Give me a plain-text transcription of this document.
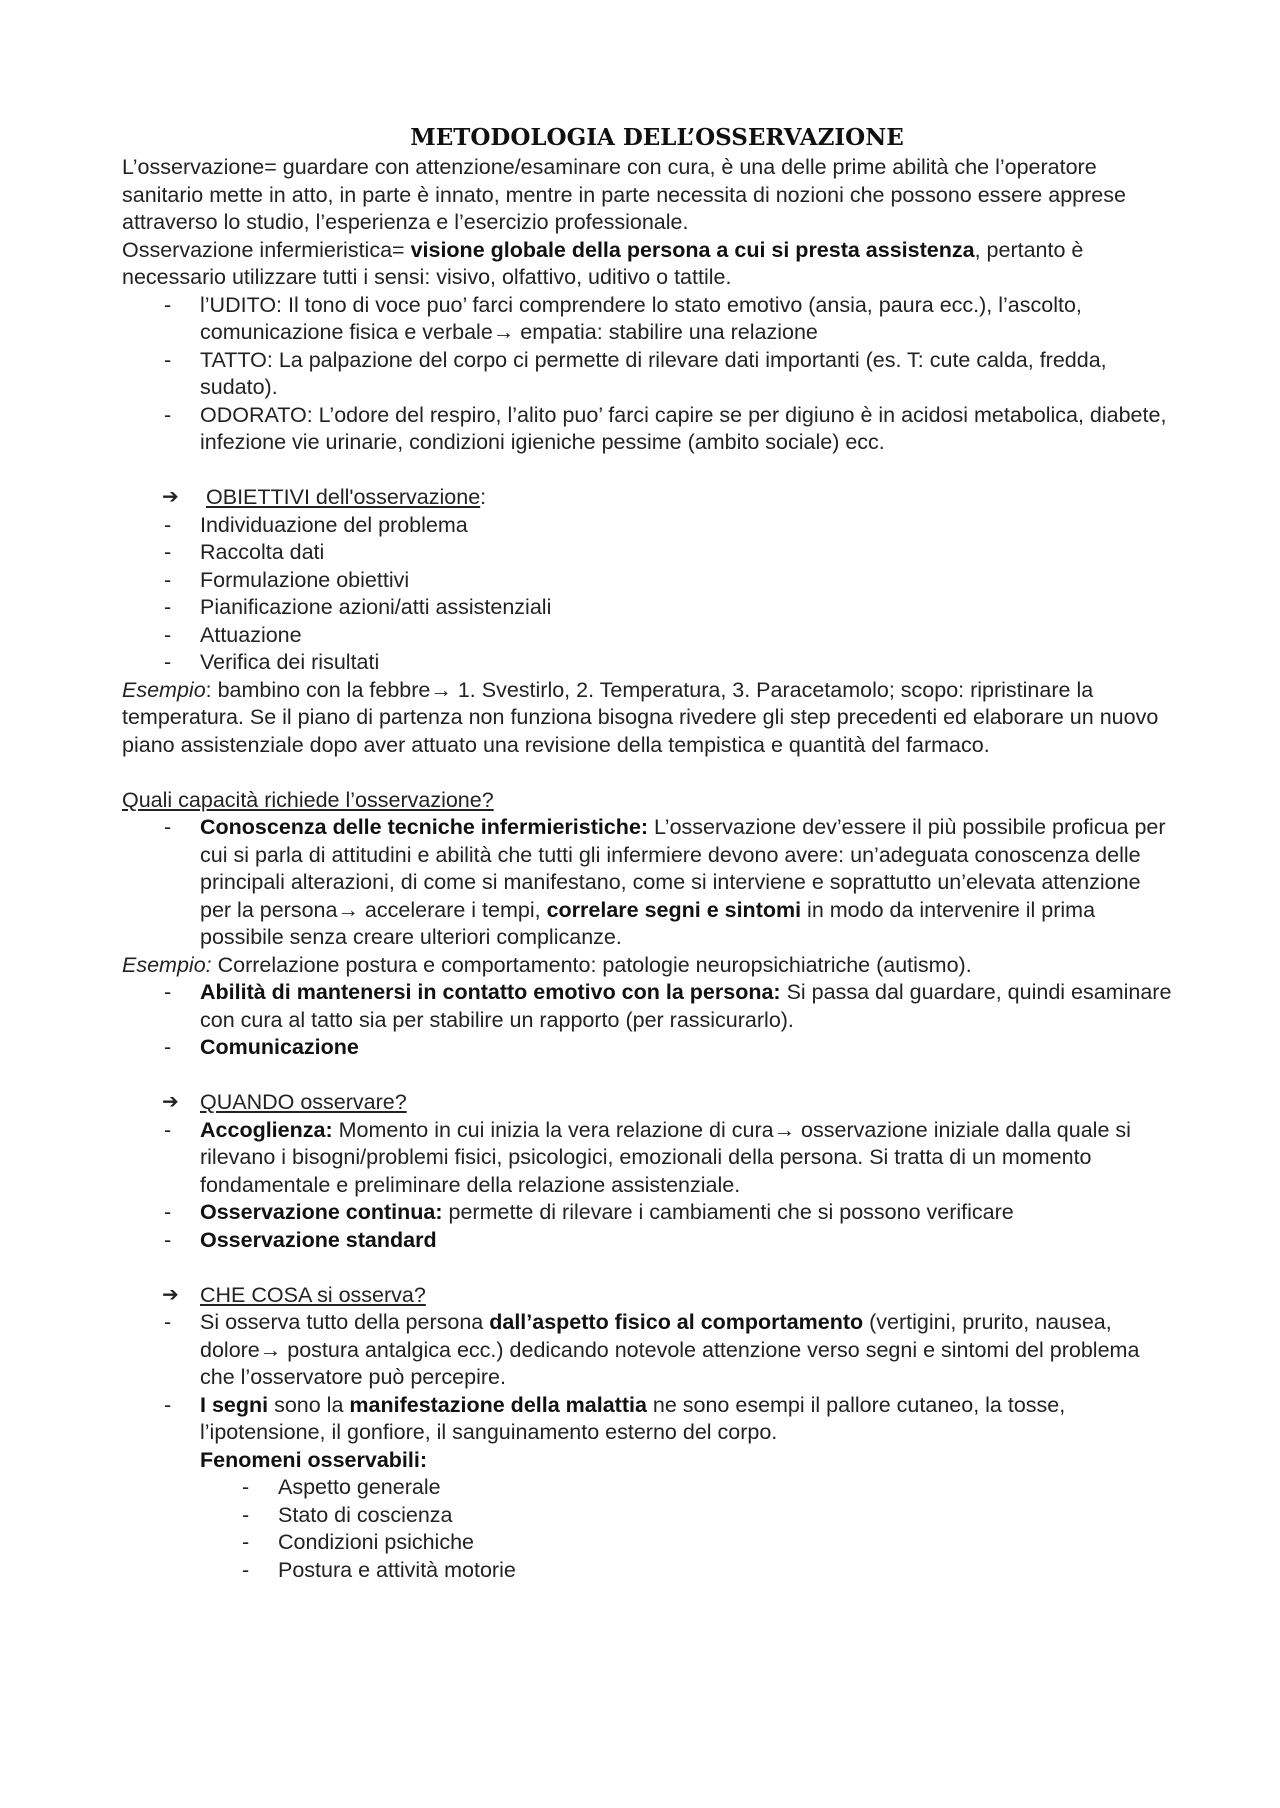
METODOLOGIA DELL’OSSERVAZIONE

L’osservazione= guardare con attenzione/esaminare con cura, è una delle prime abilità che l’operatore sanitario mette in atto, in parte è innato, mentre in parte necessita di nozioni che possono essere apprese attraverso lo studio, l’esperienza e l’esercizio professionale.

Osservazione infermieristica= visione globale della persona a cui si presta assistenza, pertanto è necessario utilizzare tutti i sensi: visivo, olfattivo, uditivo o tattile.

- l’UDITO: Il tono di voce puo’ farci comprendere lo stato emotivo (ansia, paura ecc.), l’ascolto, comunicazione fisica e verbale→ empatia: stabilire una relazione
- TATTO: La palpazione del corpo ci permette di rilevare dati importanti (es. T: cute calda, fredda, sudato).
- ODORATO: L’odore del respiro, l’alito puo’ farci capire se per digiuno è in acidosi metabolica, diabete, infezione vie urinarie, condizioni igieniche pessime (ambito sociale) ecc.
➔ OBIETTIVI dell'osservazione:
- Individuazione del problema
- Raccolta dati
- Formulazione obiettivi
- Pianificazione azioni/atti assistenziali
- Attuazione
- Verifica dei risultati

Esempio: bambino con la febbre→ 1. Svestirlo, 2. Temperatura, 3. Paracetamolo; scopo: ripristinare la temperatura. Se il piano di partenza non funziona bisogna rivedere gli step precedenti ed elaborare un nuovo piano assistenziale dopo aver attuato una revisione della tempistica e quantità del farmaco.

Quali capacità richiede l’osservazione?

- Conoscenza delle tecniche infermieristiche: L’osservazione dev’essere il più possibile proficua per cui si parla di attitudini e abilità che tutti gli infermiere devono avere: un’adeguata conoscenza delle principali alterazioni, di come si manifestano, come si interviene e soprattutto un’elevata attenzione per la persona→ accelerare i tempi, correlare segni e sintomi in modo da intervenire il prima possibile senza creare ulteriori complicanze.

Esempio: Correlazione postura e comportamento: patologie neuropsichiatriche (autismo).

- Abilità di mantenersi in contatto emotivo con la persona: Si passa dal guardare, quindi esaminare con cura al tatto sia per stabilire un rapporto (per rassicurarlo).
- Comunicazione
➔ QUANDO osservare?
- Accoglienza: Momento in cui inizia la vera relazione di cura→ osservazione iniziale dalla quale si rilevano i bisogni/problemi fisici, psicologici, emozionali della persona. Si tratta di un momento fondamentale e preliminare della relazione assistenziale.
- Osservazione continua: permette di rilevare i cambiamenti che si possono verificare
- Osservazione standard
➔ CHE COSA si osserva?
- Si osserva tutto della persona dall’aspetto fisico al comportamento (vertigini, prurito, nausea, dolore→ postura antalgica ecc.) dedicando notevole attenzione verso segni e sintomi del problema che l’osservatore può percepire.
- I segni sono la manifestazione della malattia ne sono esempi il pallore cutaneo, la tosse, l’ipotensione, il gonfiore, il sanguinamento esterno del corpo.

Fenomeni osservabili:

- Aspetto generale
- Stato di coscienza
- Condizioni psichiche
- Postura e attività motorie
